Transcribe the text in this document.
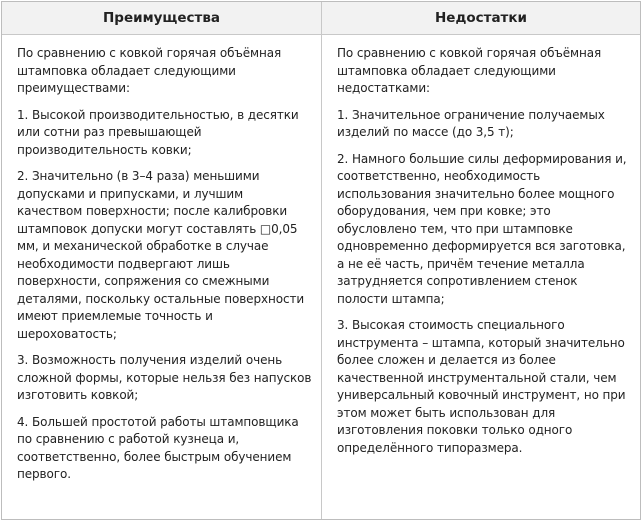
Преимущества	Недостатки

По сравнению с ковкой горячая объёмная штамповка обладает следующими преимуществами:

1. Высокой производительностью, в десятки или сотни раз превышающей производительность ковки;

2. Значительно (в 3–4 раза) меньшими допусками и припусками, и лучшим качеством поверхности; после калибровки штамповок допуски могут составлять □0,05 мм, и механической обработке в случае необходимости подвергают лишь поверхности, сопряжения со смежными деталями, поскольку остальные поверхности имеют приемлемые точность и шероховатость;

3. Возможность получения изделий очень сложной формы, которые нельзя без напусков изготовить ковкой;

4. Большей простотой работы штамповщика по сравнению с работой кузнеца и, соответственно, более быстрым обучением первого.

По сравнению с ковкой горячая объёмная штамповка обладает следующими недостатками:

1. Значительное ограничение получаемых изделий по массе (до 3,5 т);

2. Намного большие силы деформирования и, соответственно, необходимость использования значительно более мощного оборудования, чем при ковке; это обусловлено тем, что при штамповке одновременно деформируется вся заготовка, а не её часть, причём течение металла затрудняется сопротивлением стенок полости штампа;

3. Высокая стоимость специального инструмента – штампа, который значительно более сложен и делается из более качественной инструментальной стали, чем универсальный ковочный инструмент, но при этом может быть использован для изготовления поковки только одного определённого типоразмера.
